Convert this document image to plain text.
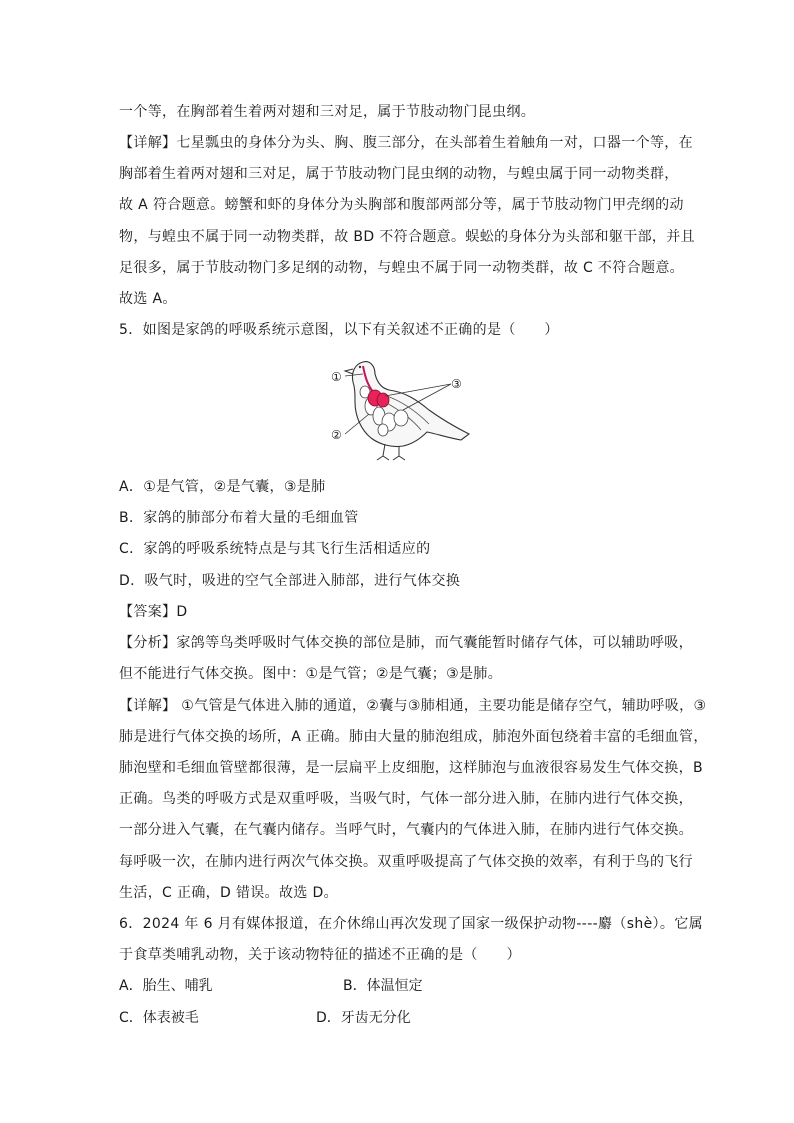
一个等，在胸部着生着两对翅和三对足，属于节肢动物门昆虫纲。
【详解】七星瓢虫的身体分为头、胸、腹三部分，在头部着生着触角一对，口器一个等，在
胸部着生着两对翅和三对足，属于节肢动物门昆虫纲的动物，与蝗虫属于同一动物类群，
故 A 符合题意。螃蟹和虾的身体分为头胸部和腹部两部分等，属于节肢动物门甲壳纲的动
物，与蝗虫不属于同一动物类群，故 BD 不符合题意。蜈蚣的身体分为头部和躯干部，并且
足很多，属于节肢动物门多足纲的动物，与蝗虫不属于同一动物类群，故 C 不符合题意。
故选 A。
5．如图是家鸽的呼吸系统示意图，以下有关叙述不正确的是（　　）
①
②
③
A．①是气管，②是气囊，③是肺
B．家鸽的肺部分布着大量的毛细血管
C．家鸽的呼吸系统特点是与其飞行生活相适应的
D．吸气时，吸进的空气全部进入肺部，进行气体交换
【答案】D
【分析】家鸽等鸟类呼吸时气体交换的部位是肺，而气囊能暂时储存气体，可以辅助呼吸，
但不能进行气体交换。图中：①是气管；②是气囊；③是肺。
【详解】 ①气管是气体进入肺的通道，②囊与③肺相通，主要功能是储存空气，辅助呼吸，③
肺是进行气体交换的场所，A 正确。肺由大量的肺泡组成，肺泡外面包绕着丰富的毛细血管，
肺泡壁和毛细血管壁都很薄，是一层扁平上皮细胞，这样肺泡与血液很容易发生气体交换，B
正确。鸟类的呼吸方式是双重呼吸，当吸气时，气体一部分进入肺，在肺内进行气体交换，
一部分进入气囊，在气囊内储存。当呼气时，气囊内的气体进入肺，在肺内进行气体交换。
每呼吸一次，在肺内进行两次气体交换。双重呼吸提高了气体交换的效率，有利于鸟的飞行
生活，C 正确，D 错误。故选 D。
6．2024 年 6 月有媒体报道，在介休绵山再次发现了国家一级保护动物----麝（shè）。它属
于食草类哺乳动物，关于该动物特征的描述不正确的是（　　）
A．胎生、哺乳	B．体温恒定
C．体表被毛	D．牙齿无分化
